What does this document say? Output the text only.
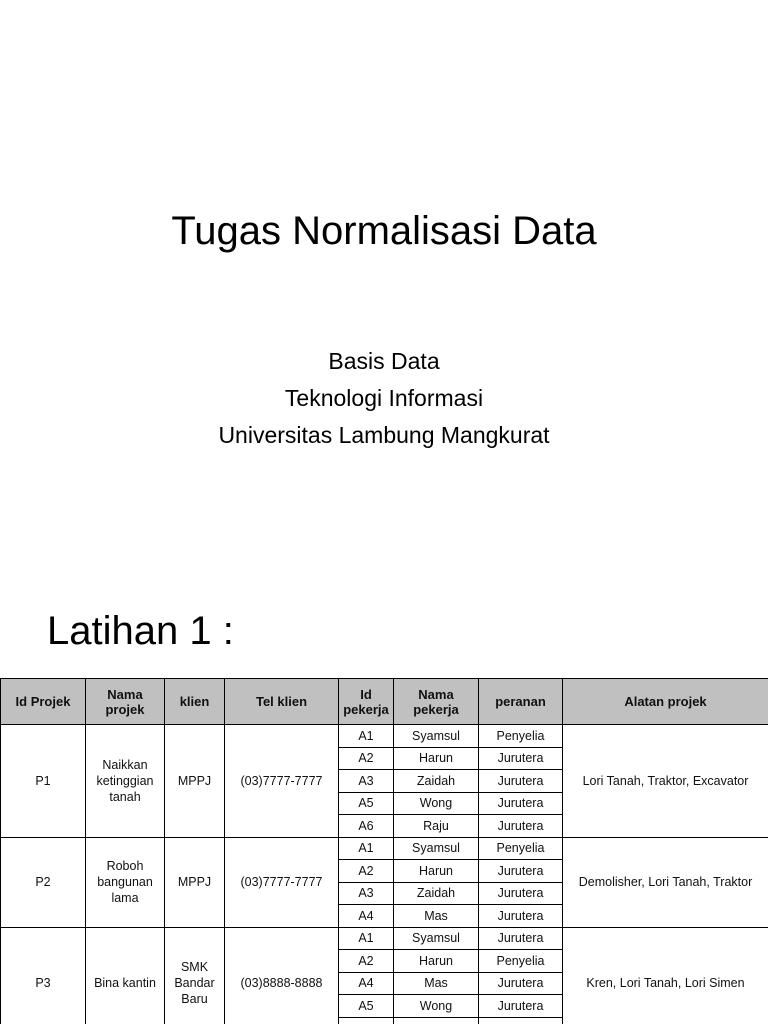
Tugas Normalisasi Data
Basis Data
Teknologi Informasi
Universitas Lambung Mangkurat
Latihan 1 :
Id Projek	Nama projek	klien	Tel klien	Id pekerja	Nama pekerja	peranan	Alatan projek
P1	Naikkan ketinggian tanah	MPPJ	(03)7777-7777	A1	Syamsul	Penyelia	Lori Tanah, Traktor, Excavator
				A2	Harun	Jurutera	
				A3	Zaidah	Jurutera	
				A5	Wong	Jurutera	
				A6	Raju	Jurutera	
P2	Roboh bangunan lama	MPPJ	(03)7777-7777	A1	Syamsul	Penyelia	Demolisher, Lori Tanah, Traktor
				A2	Harun	Jurutera	
				A3	Zaidah	Jurutera	
				A4	Mas	Jurutera	
P3	Bina kantin	SMK Bandar Baru	(03)8888-8888	A1	Syamsul	Jurutera	Kren, Lori Tanah, Lori Simen
				A2	Harun	Penyelia	
				A4	Mas	Jurutera	
				A5	Wong	Jurutera	
